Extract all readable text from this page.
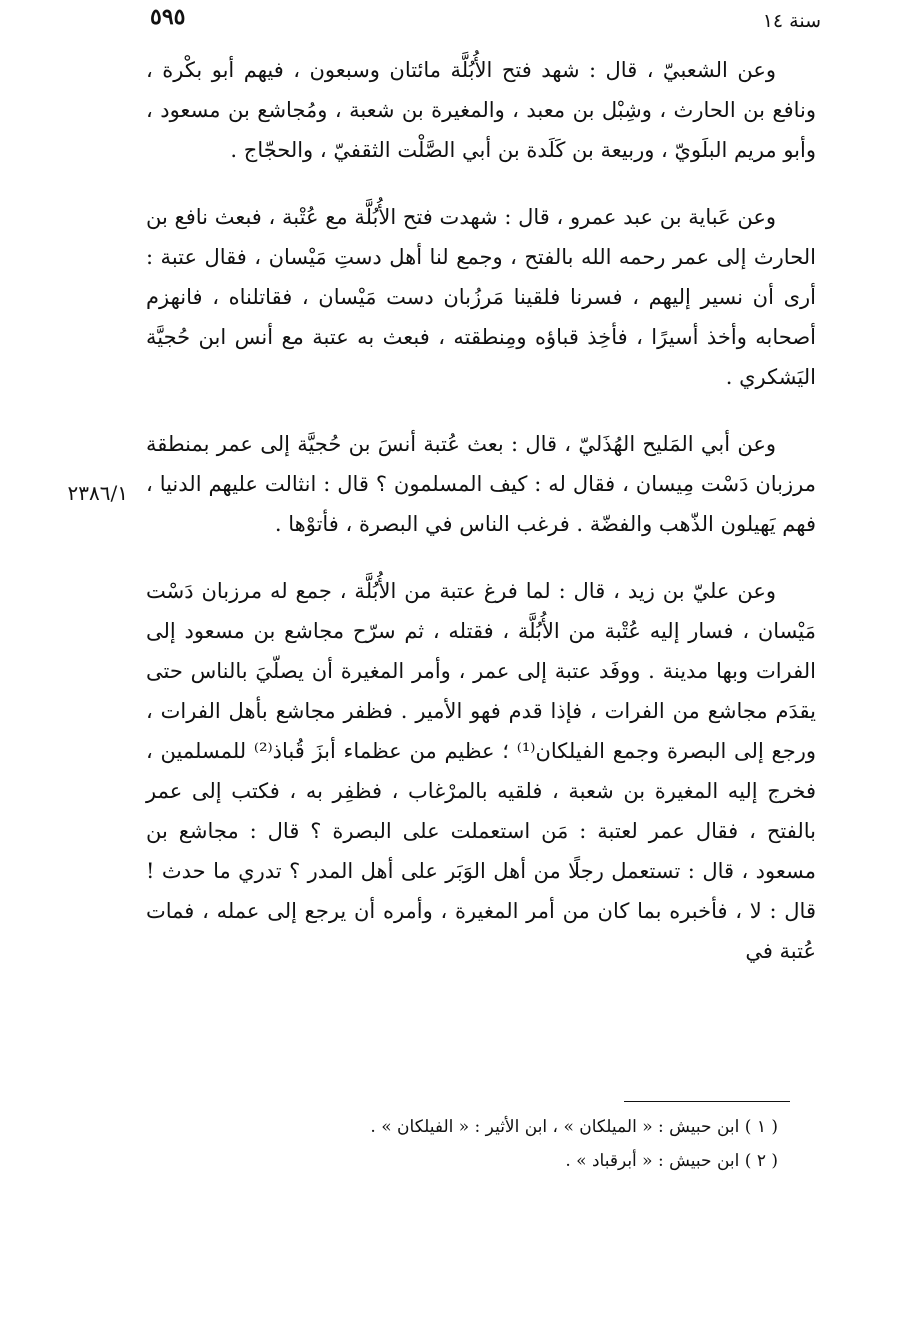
٥٩٥	سنة ١٤
٢٣٨٦/١

وعن الشعبيّ ، قال : شهد فتح الأُبُلَّة مائتان وسبعون ، فيهم أبو بكْرة ، ونافع بن الحارث ، وشِبْل بن معبد ، والمغيرة بن شعبة ، ومُجاشع بن مسعود ، وأبو مريم البلَويّ ، وربيعة بن كَلَدة بن أبي الصَّلْت الثقفيّ ، والحجّاج .

وعن عَباية بن عبد عمرو ، قال : شهدت فتح الأُبُلَّة مع عُتْبة ، فبعث نافع بن الحارث إلى عمر رحمه الله بالفتح ، وجمع لنا أهل دستِ مَيْسان ، فقال عتبة : أرى أن نسير إليهم ، فسرنا فلقينا مَرزُبان دست مَيْسان ، فقاتلناه ، فانهزم أصحابه وأخذ أسيرًا ، فأخِذ قباؤه ومِنطقته ، فبعث به عتبة مع أنس ابن حُجيَّة اليَشكري .

وعن أبي المَليح الهُذَليّ ، قال : بعث عُتبة أنسَ بن حُجيَّة إلى عمر بمنطقة مرزبان دَسْت مِيسان ، فقال له : كيف المسلمون ؟ قال : انثالت عليهم الدنيا ، فهم يَهيلون الذّهب والفضّة . فرغب الناس في البصرة ، فأتوْها .

وعن عليّ بن زيد ، قال : لما فرغ عتبة من الأُبُلَّة ، جمع له مرزبان دَسْت مَيْسان ، فسار إليه عُتْبة من الأُبُلَّة ، فقتله ، ثم سرّح مجاشع بن مسعود إلى الفرات وبها مدينة . ووفَد عتبة إلى عمر ، وأمر المغيرة أن يصلّيَ بالناس حتى يقدَم مجاشع من الفرات ، فإذا قدم فهو الأمير . فظفر مجاشع بأهل الفرات ، ورجع إلى البصرة وجمع الفيلكان⁽¹⁾ ؛ عظيم من عظماء أبزَ قُباذ⁽²⁾ للمسلمين ، فخرج إليه المغيرة بن شعبة ، فلقيه بالمرْغاب ، فظفِر به ، فكتب إلى عمر بالفتح ، فقال عمر لعتبة : مَن استعملت على البصرة ؟ قال : مجاشع بن مسعود ، قال : تستعمل رجلًا من أهل الوَبَر على أهل المدر ؟ تدري ما حدث ! قال : لا ، فأخبره بما كان من أمر المغيرة ، وأمره أن يرجع إلى عمله ، فمات عُتبة في

( ١ ) ابن حبيش : « الميلكان » ، ابن الأثير : « الفيلكان » .

( ٢ ) ابن حبيش : « أبرقباد » .
